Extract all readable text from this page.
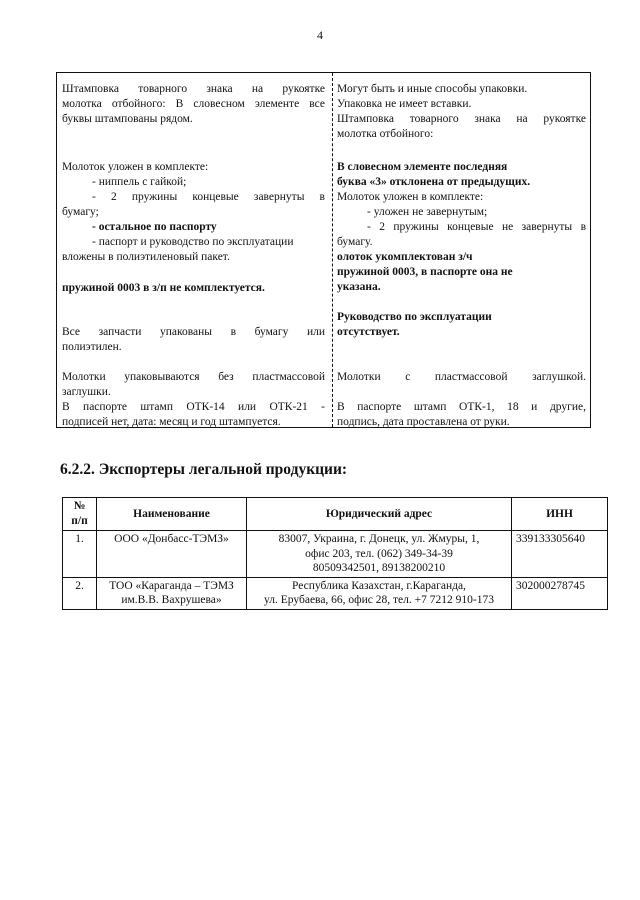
4
Штамповка товарного знака на рукоятке
молотка отбойного: В словесном элементе все
буквы штампованы рядом.
Молоток уложен в комплекте:
- ниппель с гайкой;
- 2 пружины концевые завернуты в
бумагу;
- остальное по паспорту
- паспорт и руководство по эксплуатации
вложены в полиэтиленовый пакет.
пружиной 0003 в з/п не комплектуется.
Все запчасти упакованы в бумагу или
полиэтилен.
Молотки упаковываются без пластмассовой
заглушки.
В паспорте штамп ОТК-14 или ОТК-21 -
подписей нет, дата: месяц и год штампуется.

Могут быть и иные способы упаковки.
Упаковка не имеет вставки.
Штамповка товарного знака на рукоятке
молотка отбойного:
В словесном элементе последняя
буква «3» отклонена от предыдущих.
Молоток уложен в комплекте:
- уложен не завернутым;
- 2 пружины концевые не завернуты в
бумагу.
олоток укомплектован з/ч
пружиной 0003, в паспорте она не
указана.
Руководство по эксплуатации
отсутствует.
Молотки с пластмассовой заглушкой.
В паспорте штамп ОТК-1, 18 и другие,
подпись, дата проставлена от руки.
6.2.2. Экспортеры легальной продукции:
№
п/п	Наименование	Юридический адрес	ИНН
1.	ООО «Донбасс-ТЭМЗ»	83007, Украина, г. Донецк, ул. Жмуры, 1,
офис 203, тел. (062) 349-34-39
80509342501, 89138200210	339133305640
2.	ТОО «Караганда – ТЭМЗ
им.В.В. Вахрушева»	Республика Казахстан, г.Караганда,
ул. Ерубаева, 66, офис 28, тел. +7 7212 910-173	302000278745
